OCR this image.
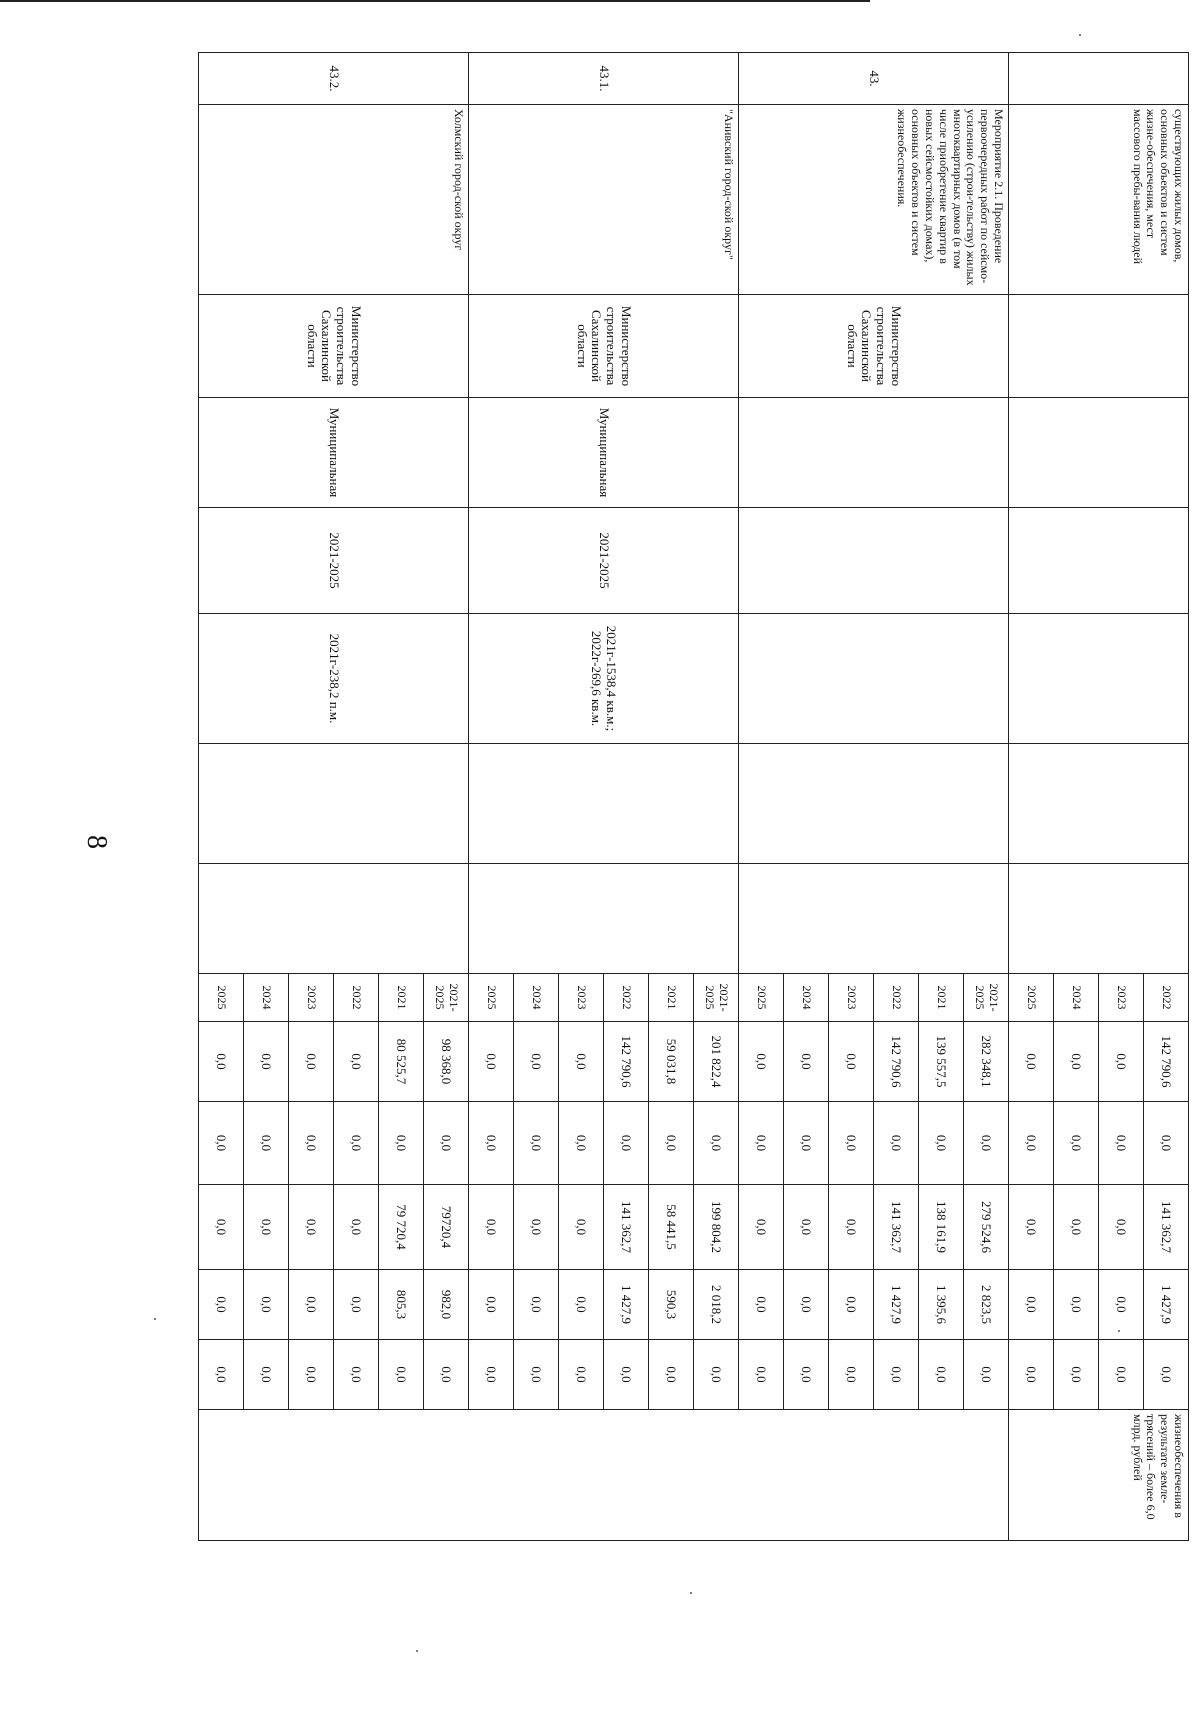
8
	существующих жилых домов, основных объектов и систем жизне-обеспечения, мест массового пребы-вания людей							2022	142 790,6	0,0	141 362,7	1 427,9	0,0	жизнеобеспечения в результате земле-трясений – более 6,0 млрд. рублей
								2023	0,0	0,0	0,0	0,0	0,0	
								2024	0,0	0,0	0,0	0,0	0,0	
								2025	0,0	0,0	0,0	0,0	0,0	
43.	Мероприятие 2.1. Проведение первоочередных работ по сейсмо-усилению (строи-тельству) жилых многоквартирных домов (в том числе приобретение квартир в новых сейсмостойких домах), основных объектов и систем жизнеобеспечения.	Министерство строительства Сахалинской области						2021-2025	282 348,1	0,0	279 524,6	2 823,5	0,0	
								2021	139 557,5	0,0	138 161,9	1 395,6	0,0	
								2022	142 790,6	0,0	141 362,7	1 427,9	0,0	
								2023	0,0	0,0	0,0	0,0	0,0	
								2024	0,0	0,0	0,0	0,0	0,0	
								2025	0,0	0,0	0,0	0,0	0,0	
43.1.	"Анивский город-ской округ"	Министерство строительства Сахалинской области	Муниципальная	2021-2025	2021г-1538,4 кв.м.; 2022г-269,6 кв.м.			2021-2025	201 822,4	0,0	199 804,2	2 018,2	0,0	
								2021	59 031,8	0,0	58 441,5	590,3	0,0	
								2022	142 790,6	0,0	141 362,7	1 427,9	0,0	
								2023	0,0	0,0	0,0	0,0	0,0	
								2024	0,0	0,0	0,0	0,0	0,0	
								2025	0,0	0,0	0,0	0,0	0,0	
43.2.	Холмский город-ской округ	Министерство строительства Сахалинской области	Муниципальная	2021-2025	2021г-238,2 п.м.			2021-2025	98 368,0	0,0	79720,4	982,0	0,0	
								2021	80 525,7	0,0	79 720,4	805,3	0,0	
								2022	0,0	0,0	0,0	0,0	0,0	
								2023	0,0	0,0	0,0	0,0	0,0	
								2024	0,0	0,0	0,0	0,0	0,0	
								2025	0,0	0,0	0,0	0,0	0,0	
